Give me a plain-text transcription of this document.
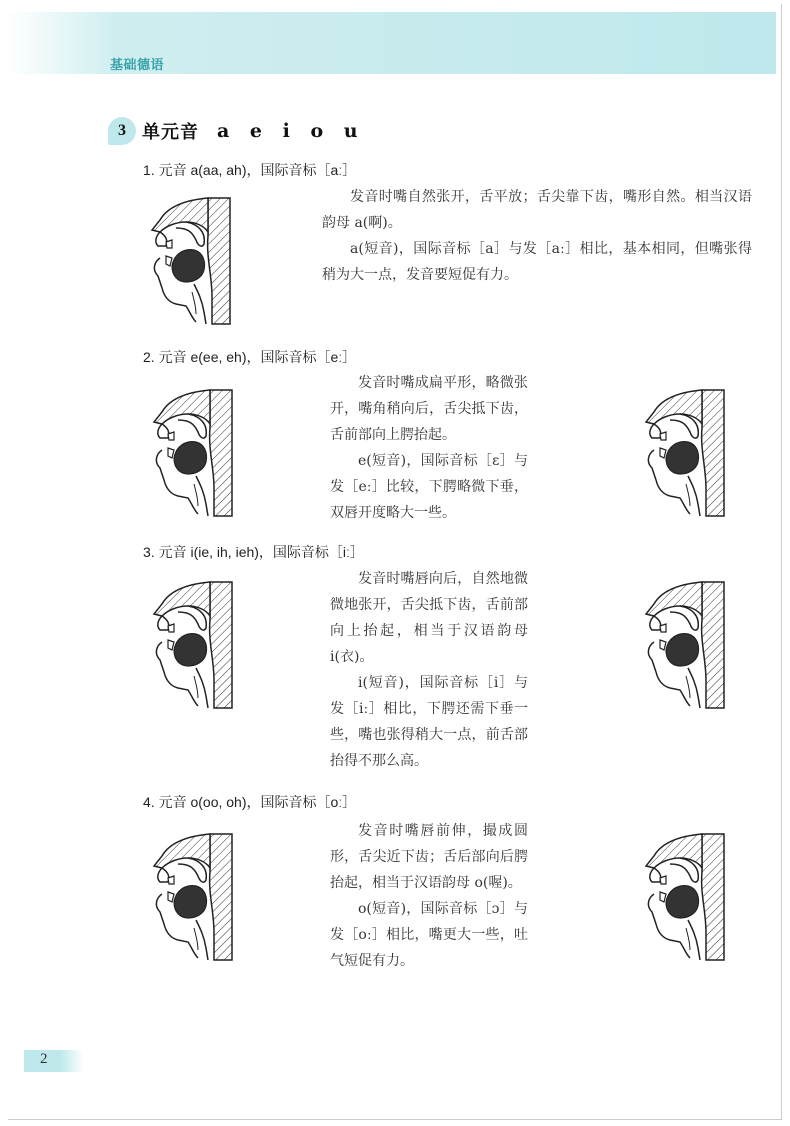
基础德语
3 单元音 a e i o u
1. 元音 a(aa, ah)，国际音标［aː］

发音时嘴自然张开，舌平放；舌尖靠下齿，嘴形自然。相当汉语韵母 a(啊)。

a(短音)，国际音标［a］与发［aː］相比，基本相同，但嘴张得稍为大一点，发音要短促有力。

2. 元音 e(ee, eh)，国际音标［eː］

发音时嘴成扁平形，略微张开，嘴角稍向后，舌尖抵下齿，舌前部向上腭抬起。

e(短音)，国际音标［ɛ］与发［eː］比较，下腭略微下垂，双唇开度略大一些。

3. 元音 i(ie, ih, ieh)，国际音标［iː］

发音时嘴唇向后，自然地微微地张开，舌尖抵下齿，舌前部向上抬起，相当于汉语韵母 i(衣)。

i(短音)，国际音标［i］与发［iː］相比，下腭还需下垂一些，嘴也张得稍大一点，前舌部抬得不那么高。

4. 元音 o(oo, oh)，国际音标［oː］

发音时嘴唇前伸，撮成圆形，舌尖近下齿；舌后部向后腭抬起，相当于汉语韵母 o(喔)。

o(短音)，国际音标［ɔ］与发［oː］相比，嘴更大一些，吐气短促有力。

2
